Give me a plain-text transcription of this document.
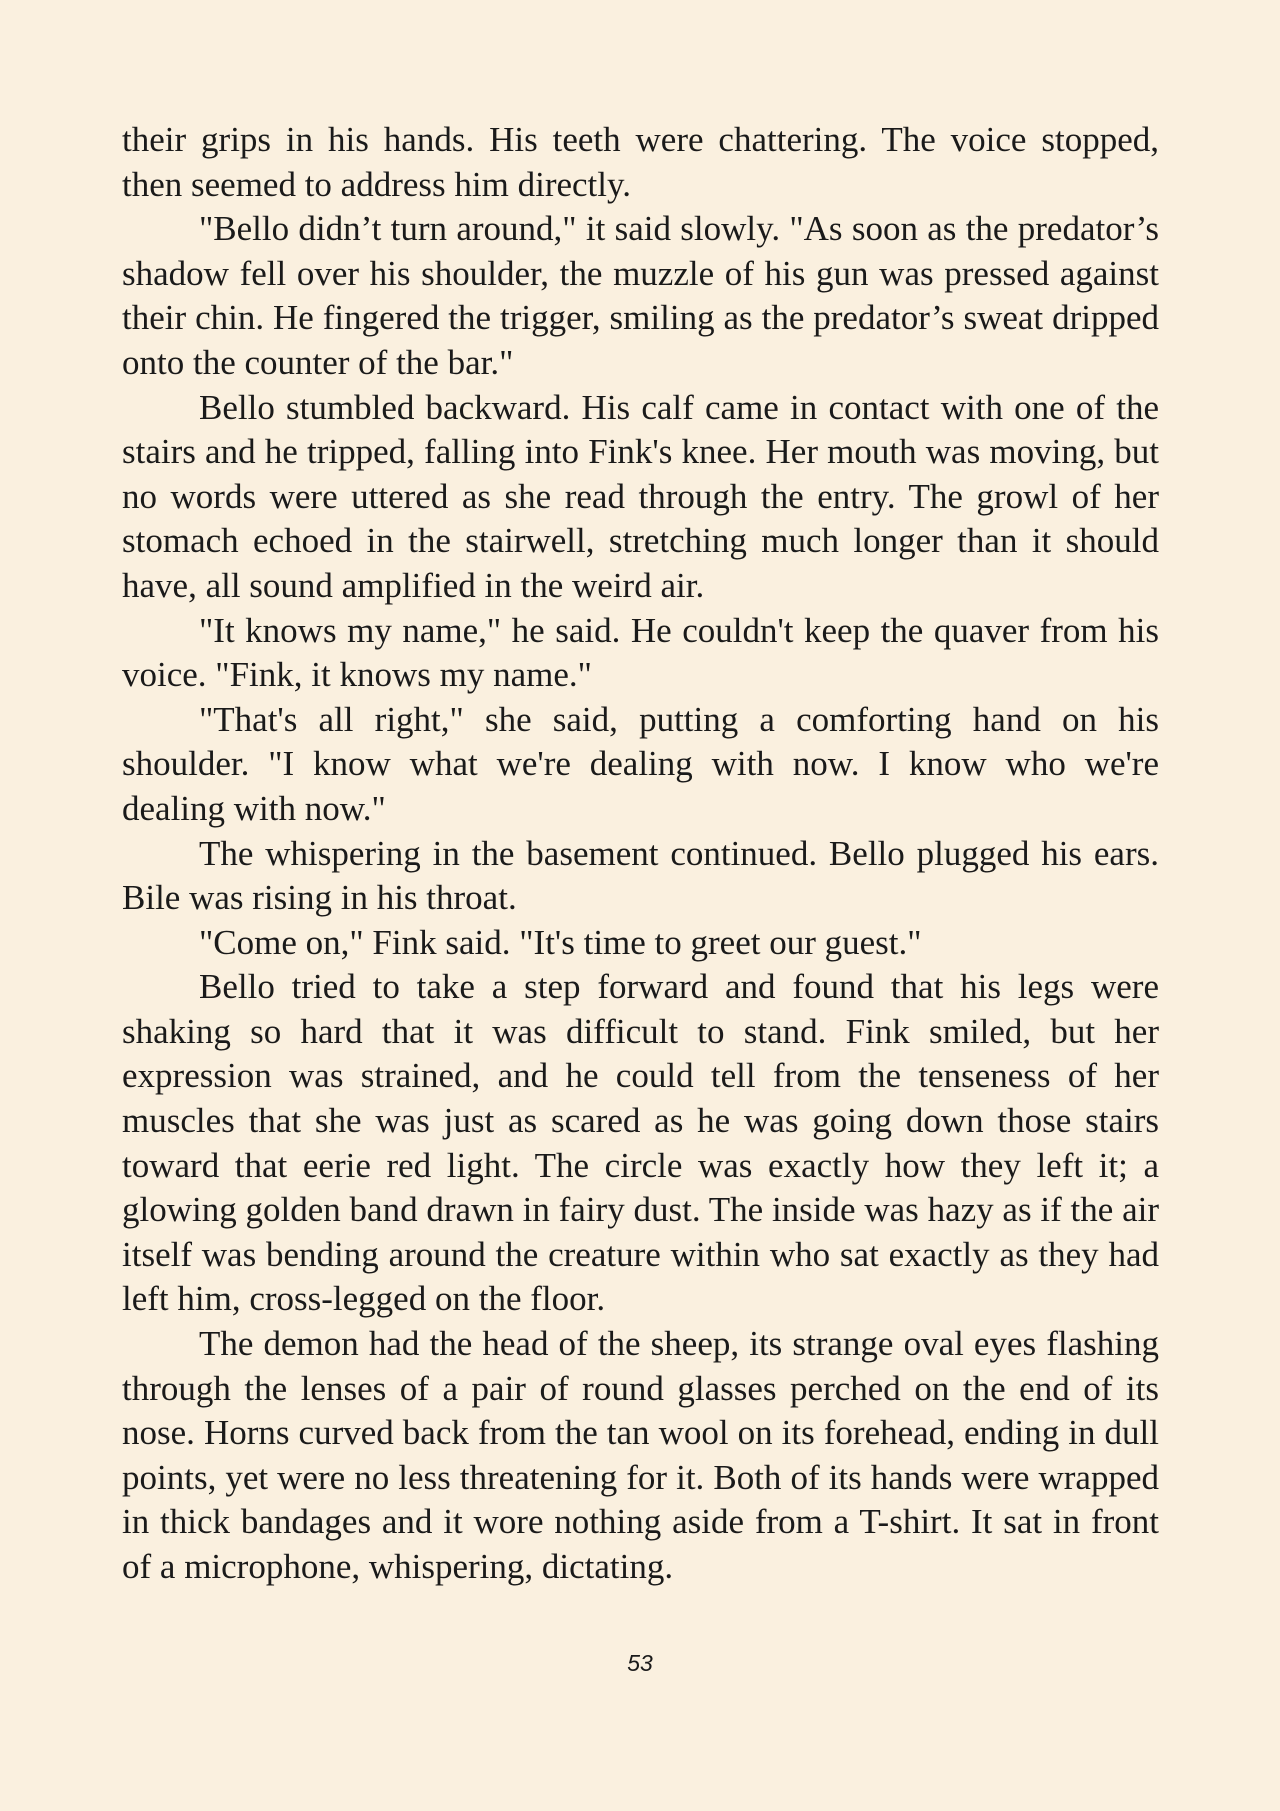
their grips in his hands. His teeth were chattering. The voice stopped, then seemed to address him directly.

"Bello didn’t turn around," it said slowly. "As soon as the predator’s shadow fell over his shoulder, the muzzle of his gun was pressed against their chin. He fingered the trigger, smiling as the predator’s sweat dripped onto the counter of the bar."

Bello stumbled backward. His calf came in contact with one of the stairs and he tripped, falling into Fink's knee. Her mouth was moving, but no words were uttered as she read through the entry. The growl of her stomach echoed in the stairwell, stretching much longer than it should have, all sound amplified in the weird air.

"It knows my name," he said. He couldn't keep the quaver from his voice. "Fink, it knows my name."

"That's all right," she said, putting a comforting hand on his shoulder. "I know what we're dealing with now. I know who we're dealing with now."

The whispering in the basement continued. Bello plugged his ears. Bile was rising in his throat.

"Come on," Fink said. "It's time to greet our guest."

Bello tried to take a step forward and found that his legs were shaking so hard that it was difficult to stand. Fink smiled, but her expression was strained, and he could tell from the tenseness of her muscles that she was just as scared as he was going down those stairs toward that eerie red light. The circle was exactly how they left it; a glowing golden band drawn in fairy dust. The inside was hazy as if the air itself was bending around the creature within who sat exactly as they had left him, cross-legged on the floor.

The demon had the head of the sheep, its strange oval eyes flashing through the lenses of a pair of round glasses perched on the end of its nose. Horns curved back from the tan wool on its forehead, ending in dull points, yet were no less threatening for it. Both of its hands were wrapped in thick bandages and it wore nothing aside from a T-shirt. It sat in front of a microphone, whispering, dictating.

53
